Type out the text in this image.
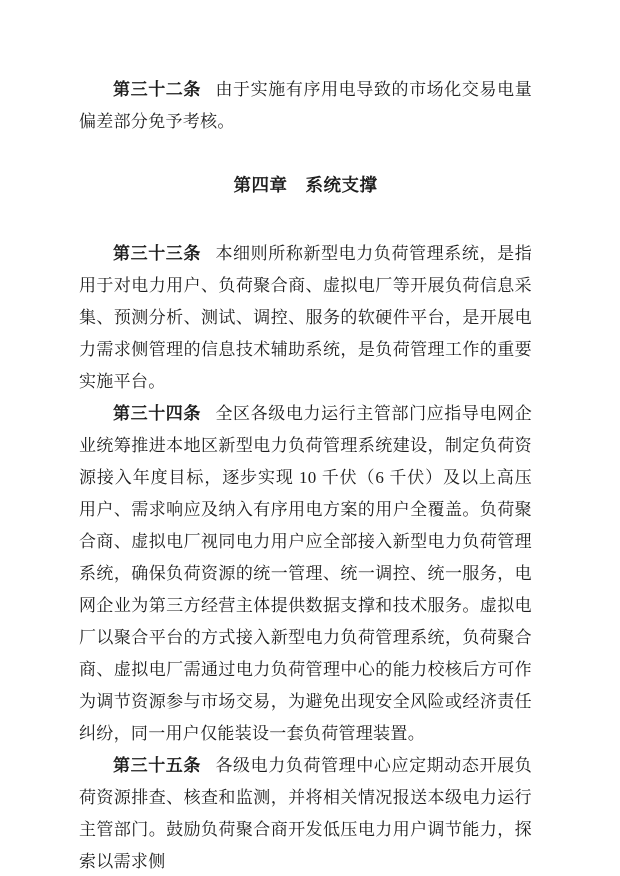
第三十二条 由于实施有序用电导致的市场化交易电量偏差部分免予考核。

第四章　系统支撑

第三十三条 本细则所称新型电力负荷管理系统，是指用于对电力用户、负荷聚合商、虚拟电厂等开展负荷信息采集、预测分析、测试、调控、服务的软硬件平台，是开展电力需求侧管理的信息技术辅助系统，是负荷管理工作的重要实施平台。

第三十四条 全区各级电力运行主管部门应指导电网企业统筹推进本地区新型电力负荷管理系统建设，制定负荷资源接入年度目标，逐步实现 10 千伏（6 千伏）及以上高压用户、需求响应及纳入有序用电方案的用户全覆盖。负荷聚合商、虚拟电厂视同电力用户应全部接入新型电力负荷管理系统，确保负荷资源的统一管理、统一调控、统一服务，电网企业为第三方经营主体提供数据支撑和技术服务。虚拟电厂以聚合平台的方式接入新型电力负荷管理系统，负荷聚合商、虚拟电厂需通过电力负荷管理中心的能力校核后方可作为调节资源参与市场交易，为避免出现安全风险或经济责任纠纷，同一用户仅能装设一套负荷管理装置。

第三十五条 各级电力负荷管理中心应定期动态开展负荷资源排查、核查和监测，并将相关情况报送本级电力运行主管部门。鼓励负荷聚合商开发低压电力用户调节能力，探索以需求侧
